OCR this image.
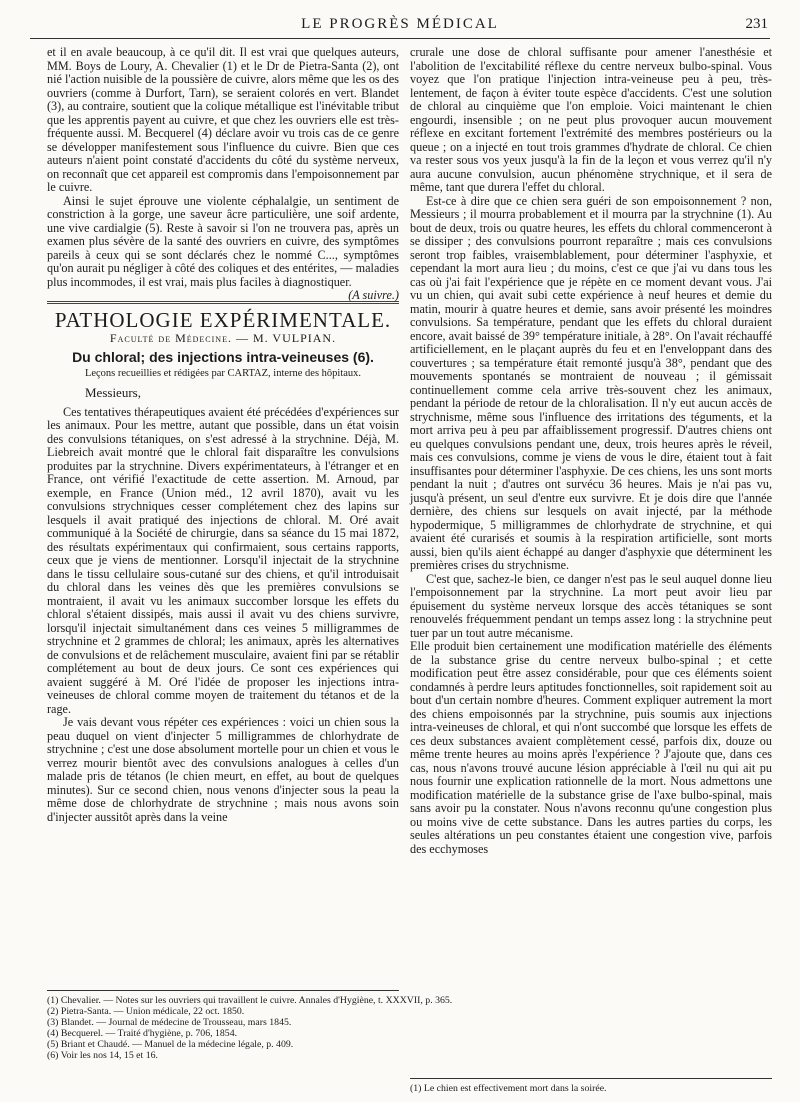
LE PROGRÈS MÉDICAL	231

et il en avale beaucoup, à ce qu'il dit. Il est vrai que quelques auteurs, MM. Boys de Loury, A. Chevalier (1) et le Dr de Pietra-Santa (2), ont nié l'action nuisible de la poussière de cuivre, alors même que les os des ouvriers (comme à Durfort, Tarn), se seraient colorés en vert. Blandet (3), au contraire, soutient que la colique métallique est l'inévitable tribut que les apprentis payent au cuivre, et que chez les ouvriers elle est très-fréquente aussi. M. Becquerel (4) déclare avoir vu trois cas de ce genre se développer manifestement sous l'influence du cuivre. Bien que ces auteurs n'aient point constaté d'accidents du côté du système nerveux, on reconnaît que cet appareil est compromis dans l'empoisonnement par le cuivre.

Ainsi le sujet éprouve une violente céphalalgie, un sentiment de constriction à la gorge, une saveur âcre particulière, une soif ardente, une vive cardialgie (5). Reste à savoir si l'on ne trouvera pas, après un examen plus sévère de la santé des ouvriers en cuivre, des symptômes pareils à ceux qui se sont déclarés chez le nommé C..., symptômes qu'on aurait pu négliger à côté des coliques et des entérites, — maladies plus incommodes, il est vrai, mais plus faciles à diagnostiquer.
(A suivre.)

PATHOLOGIE EXPÉRIMENTALE.
Faculté de Médecine. — M. VULPIAN.
Du chloral; des injections intra-veineuses (6).
Leçons recueillies et rédigées par CARTAZ, interne des hôpitaux.
Messieurs,

Ces tentatives thérapeutiques avaient été précédées d'expériences sur les animaux. Pour les mettre, autant que possible, dans un état voisin des convulsions tétaniques, on s'est adressé à la strychnine. Déjà, M. Liebreich avait montré que le chloral fait disparaître les convulsions produites par la strychnine. Divers expérimentateurs, à l'étranger et en France, ont vérifié l'exactitude de cette assertion. M. Arnoud, par exemple, en France (Union méd., 12 avril 1870), avait vu les convulsions strychniques cesser complétement chez des lapins sur lesquels il avait pratiqué des injections de chloral. M. Oré avait communiqué à la Société de chirurgie, dans sa séance du 15 mai 1872, des résultats expérimentaux qui confirmaient, sous certains rapports, ceux que je viens de mentionner. Lorsqu'il injectait de la strychnine dans le tissu cellulaire sous-cutané sur des chiens, et qu'il introduisait du chloral dans les veines dès que les premières convulsions se montraient, il avait vu les animaux succomber lorsque les effets du chloral s'étaient dissipés, mais aussi il avait vu des chiens survivre, lorsqu'il injectait simultanément dans ces veines 5 milligrammes de strychnine et 2 grammes de chloral; les animaux, après les alternatives de convulsions et de relâchement musculaire, avaient fini par se rétablir complétement au bout de deux jours. Ce sont ces expériences qui avaient suggéré à M. Oré l'idée de proposer les injections intra-veineuses de chloral comme moyen de traitement du tétanos et de la rage.

Je vais devant vous répéter ces expériences : voici un chien sous la peau duquel on vient d'injecter 5 milligrammes de chlorhydrate de strychnine ; c'est une dose absolument mortelle pour un chien et vous le verrez mourir bientôt avec des convulsions analogues à celles d'un malade pris de tétanos (le chien meurt, en effet, au bout de quelques minutes). Sur ce second chien, nous venons d'injecter sous la peau la même dose de chlorhydrate de strychnine ; mais nous avons soin d'injecter aussitôt après dans la veine

(1) Chevalier. — Notes sur les ouvriers qui travaillent le cuivre. Annales d'Hygiène, t. XXXVII, p. 365.
(2) Pietra-Santa. — Union médicale, 22 oct. 1850.
(3) Blandet. — Journal de médecine de Trousseau, mars 1845.
(4) Becquerel. — Traité d'hygiène, p. 706, 1854.
(5) Briant et Chaudé. — Manuel de la médecine légale, p. 409.
(6) Voir les nos 14, 15 et 16.

crurale une dose de chloral suffisante pour amener l'anesthésie et l'abolition de l'excitabilité réflexe du centre nerveux bulbo-spinal. Vous voyez que l'on pratique l'injection intra-veineuse peu à peu, très-lentement, de façon à éviter toute espèce d'accidents. C'est une solution de chloral au cinquième que l'on emploie. Voici maintenant le chien engourdi, insensible ; on ne peut plus provoquer aucun mouvement réflexe en excitant fortement l'extrémité des membres postérieurs ou la queue ; on a injecté en tout trois grammes d'hydrate de chloral. Ce chien va rester sous vos yeux jusqu'à la fin de la leçon et vous verrez qu'il n'y aura aucune convulsion, aucun phénomène strychnique, et il sera de même, tant que durera l'effet du chloral.

Est-ce à dire que ce chien sera guéri de son empoisonnement ? non, Messieurs ; il mourra probablement et il mourra par la strychnine (1). Au bout de deux, trois ou quatre heures, les effets du chloral commenceront à se dissiper ; des convulsions pourront reparaître ; mais ces convulsions seront trop faibles, vraisemblablement, pour déterminer l'asphyxie, et cependant la mort aura lieu ; du moins, c'est ce que j'ai vu dans tous les cas où j'ai fait l'expérience que je répète en ce moment devant vous. J'ai vu un chien, qui avait subi cette expérience à neuf heures et demie du matin, mourir à quatre heures et demie, sans avoir présenté les moindres convulsions. Sa température, pendant que les effets du chloral duraient encore, avait baissé de 39° température initiale, à 28°. On l'avait réchauffé artificiellement, en le plaçant auprès du feu et en l'enveloppant dans des couvertures ; sa température était remonté jusqu'à 38°, pendant que des mouvements spontanés se montraient de nouveau ; il gémissait continuellement comme cela arrive très-souvent chez les animaux, pendant la période de retour de la chloralisation. Il n'y eut aucun accès de strychnisme, même sous l'influence des irritations des téguments, et la mort arriva peu à peu par affaiblissement progressif. D'autres chiens ont eu quelques convulsions pendant une, deux, trois heures après le réveil, mais ces convulsions, comme je viens de vous le dire, étaient tout à fait insuffisantes pour déterminer l'asphyxie. De ces chiens, les uns sont morts pendant la nuit ; d'autres ont survécu 36 heures. Mais je n'ai pas vu, jusqu'à présent, un seul d'entre eux survivre. Et je dois dire que l'année dernière, des chiens sur lesquels on avait injecté, par la méthode hypodermique, 5 milligrammes de chlorhydrate de strychnine, et qui avaient été curarisés et soumis à la respiration artificielle, sont morts aussi, bien qu'ils aient échappé au danger d'asphyxie que déterminent les premières crises du strychnisme.

C'est que, sachez-le bien, ce danger n'est pas le seul auquel donne lieu l'empoisonnement par la strychnine. La mort peut avoir lieu par épuisement du système nerveux lorsque des accès tétaniques se sont renouvelés fréquemment pendant un temps assez long : la strychnine peut tuer par un tout autre mécanisme.

Elle produit bien certainement une modification matérielle des éléments de la substance grise du centre nerveux bulbo-spinal ; et cette modification peut être assez considérable, pour que ces éléments soient condamnés à perdre leurs aptitudes fonctionnelles, soit rapidement soit au bout d'un certain nombre d'heures. Comment expliquer autrement la mort des chiens empoisonnés par la strychnine, puis soumis aux injections intra-veineuses de chloral, et qui n'ont succombé que lorsque les effets de ces deux substances avaient complètement cessé, parfois dix, douze ou même trente heures au moins après l'expérience ? J'ajoute que, dans ces cas, nous n'avons trouvé aucune lésion appréciable à l'œil nu qui ait pu nous fournir une explication rationnelle de la mort. Nous admettons une modification matérielle de la substance grise de l'axe bulbo-spinal, mais sans avoir pu la constater. Nous n'avons reconnu qu'une congestion plus ou moins vive de cette substance. Dans les autres parties du corps, les seules altérations un peu constantes étaient une congestion vive, parfois des ecchymoses

(1) Le chien est effectivement mort dans la soirée.
